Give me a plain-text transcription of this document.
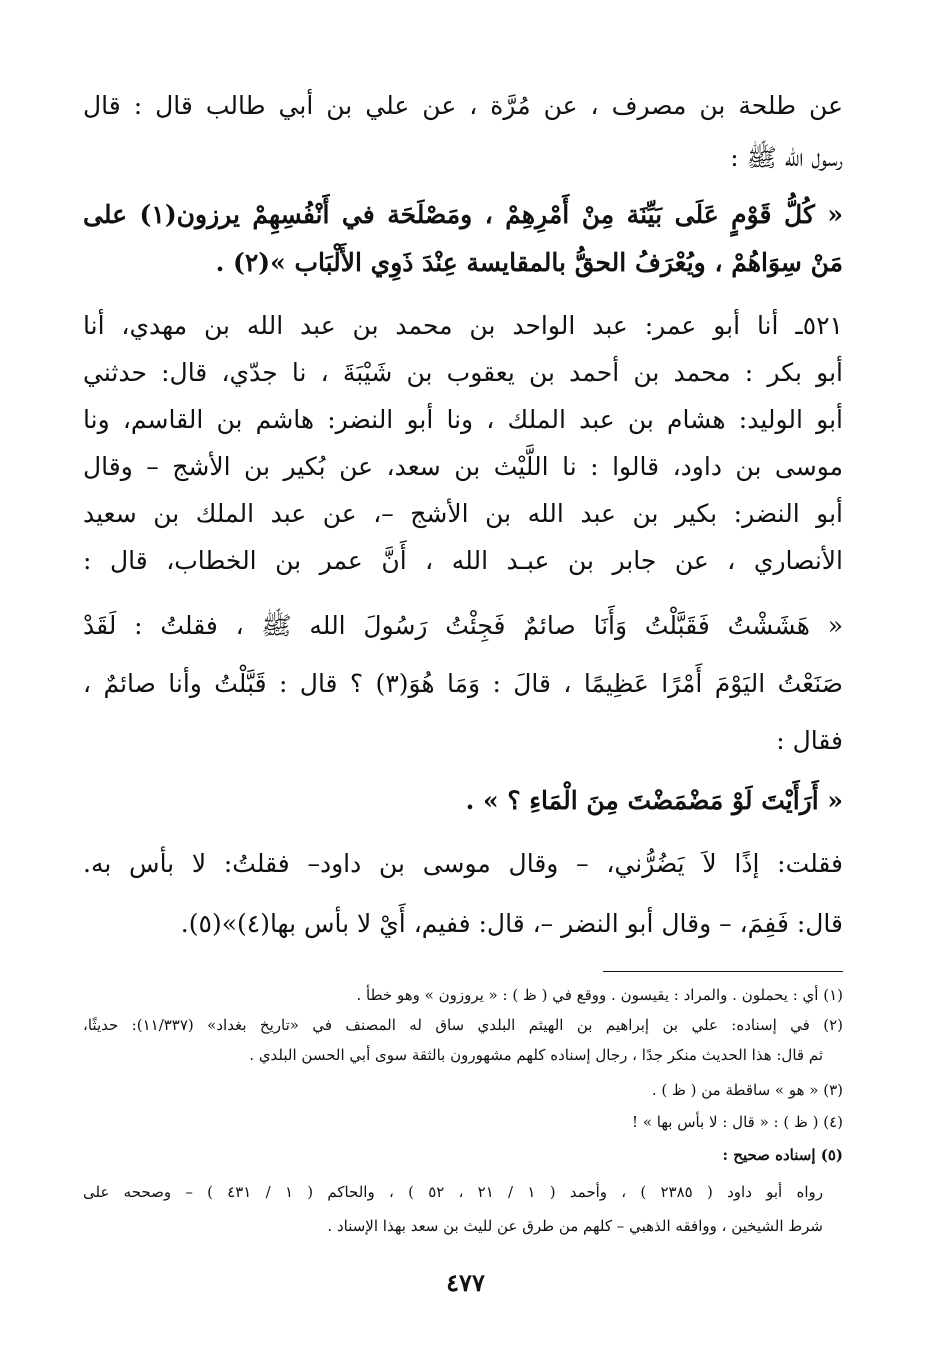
عن طلحة بن مصرف ، عن مُرَّة ، عن علي بن أبي طالب قال : قال
رسول الله ﷺ :
« كُلُّ قَوْمٍ عَلَى بَيِّنَة مِنْ أَمْرِهِمْ ، ومَصْلَحَة في أَنْفُسِهِمْ يرزون(١) على
مَنْ سِوَاهُمْ ، ويُعْرَفُ الحقُّ بالمقايسة عِنْدَ ذَوِي الأَلْبَاب »(٢) .
٥٢١ـ أنا أبو عمر: عبد الواحد بن محمد بن عبد الله بن مهدي، أنا
أبو بكر : محمد بن أحمد بن يعقوب بن شَيْبَةَ ، نا جدّي، قال: حدثني
أبو الوليد: هشام بن عبد الملك ، ونا أبو النضر: هاشم بن القاسم، ونا
موسى بن داود، قالوا : نا اللَّيْث بن سعد، عن بُكير بن الأشج – وقال
أبو النضر: بكير بن عبد الله بن الأشج –، عن عبد الملك بن سعيد
الأنصاري ، عن جابر بن عبـد الله ، أَنَّ عمر بن الخطاب، قال :
« هَشَشْتُ فَقَبَّلْتُ وَأَنَا صائمٌ فَجِئْتُ رَسُولَ الله ﷺ ، فقلتُ : لَقَدْ
صَنَعْتُ اليَوْمَ أَمْرًا عَظِيمًا ، قالَ : وَمَا هُوَ(٣) ؟ قال : قَبَّلْتُ وأنا صائمٌ ،
فقال :
« أَرَأَيْتَ لَوْ مَضْمَضْتَ مِنَ الْمَاءِ ؟ » .
فقلت: إذًا لاَ يَضُرُّني، – وقال موسى بن داود– فقلتُ: لا بأس به.
قال: فَفِمَ، – وقال أبو النضر –، قال: ففيم، أَيْ لا بأس بها(٤)»(٥).
(١) أي : يحملون . والمراد : يقيسون . ووقع في ( ظ ) : « يروزون » وهو خطأ .
(٢) في إسناده: علي بن إبراهيم بن الهيثم البلدي ساق له المصنف في «تاريخ بغداد» (١١/٣٣٧): حديثًا،
ثم قال: هذا الحديث منكر جدًا ، رجال إسناده كلهم مشهورون بالثقة سوى أبي الحسن البلدي .
(٣) « هو » ساقطة من ( ظ ) .
(٤) ( ظ ) : « قال : لا بأس بها » !
(٥) إسناده صحيح :
رواه أبو داود ( ٢٣٨٥ ) ، وأحمد ( ١ / ٢١ ، ٥٢ ) ، والحاكم ( ١ / ٤٣١ ) – وصححه على
شرط الشيخين ، ووافقه الذهبي – كلهم من طرق عن لليث بن سعد بهذا الإسناد .
٤٧٧
